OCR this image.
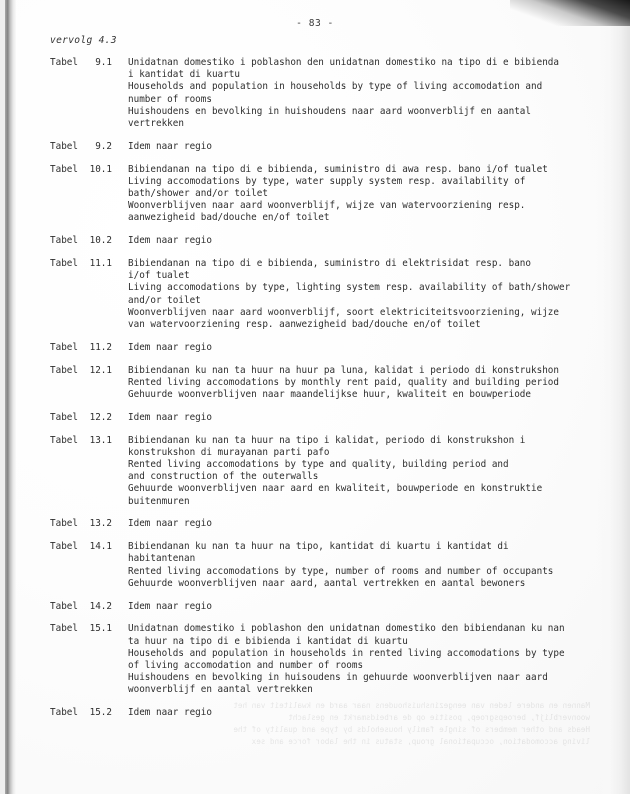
- 83 -
vervolg 4.3
Tabel 9.1	Unidatnan domestiko i poblashon den unidatnan domestiko na tipo di e bibienda
i kantidat di kuartu
Households and population in households by type of living accomodation and
number of rooms
Huishoudens en bevolking in huishoudens naar aard woonverblijf en aantal
vertrekken
Tabel 9.2	Idem naar regio
Tabel 10.1	Bibiendanan na tipo di e bibienda, suministro di awa resp. bano i/of tualet
Living accomodations by type, water supply system resp. availability of
bath/shower and/or toilet
Woonverblijven naar aard woonverblijf, wijze van watervoorziening resp.
aanwezigheid bad/douche en/of toilet
Tabel 10.2	Idem naar regio
Tabel 11.1	Bibiendanan na tipo di e bibienda, suministro di elektrisidat resp. bano
i/of tualet
Living accomodations by type, lighting system resp. availability of bath/shower
and/or toilet
Woonverblijven naar aard woonverblijf, soort elektriciteitsvoorziening, wijze
van watervoorziening resp. aanwezigheid bad/douche en/of toilet
Tabel 11.2	Idem naar regio
Tabel 12.1	Bibiendanan ku nan ta huur na huur pa luna, kalidat i periodo di konstrukshon
Rented living accomodations by monthly rent paid, quality and building period
Gehuurde woonverblijven naar maandelijkse huur, kwaliteit en bouwperiode
Tabel 12.2	Idem naar regio
Tabel 13.1	Bibiendanan ku nan ta huur na tipo i kalidat, periodo di konstrukshon i
konstrukshon di murayanan parti pafo
Rented living accomodations by type and quality, building period and
and construction of the outerwalls
Gehuurde woonverblijven naar aard en kwaliteit, bouwperiode en konstruktie
buitenmuren
Tabel 13.2	Idem naar regio
Tabel 14.1	Bibiendanan ku nan ta huur na tipo, kantidat di kuartu i kantidat di
habitantenan
Rented living accomodations by type, number of rooms and number of occupants
Gehuurde woonverblijven naar aard, aantal vertrekken en aantal bewoners
Tabel 14.2	Idem naar regio
Tabel 15.1	Unidatnan domestiko i poblashon den unidatnan domestiko den bibiendanan ku nan
ta huur na tipo di e bibienda i kantidat di kuartu
Households and population in households in rented living accomodations by type
of living accomodation and number of rooms
Huishoudens en bevolking in huisoudens in gehuurde woonverblijven naar aard
woonverblijf en aantal vertrekken
Tabel 15.2	Idem naar regio
